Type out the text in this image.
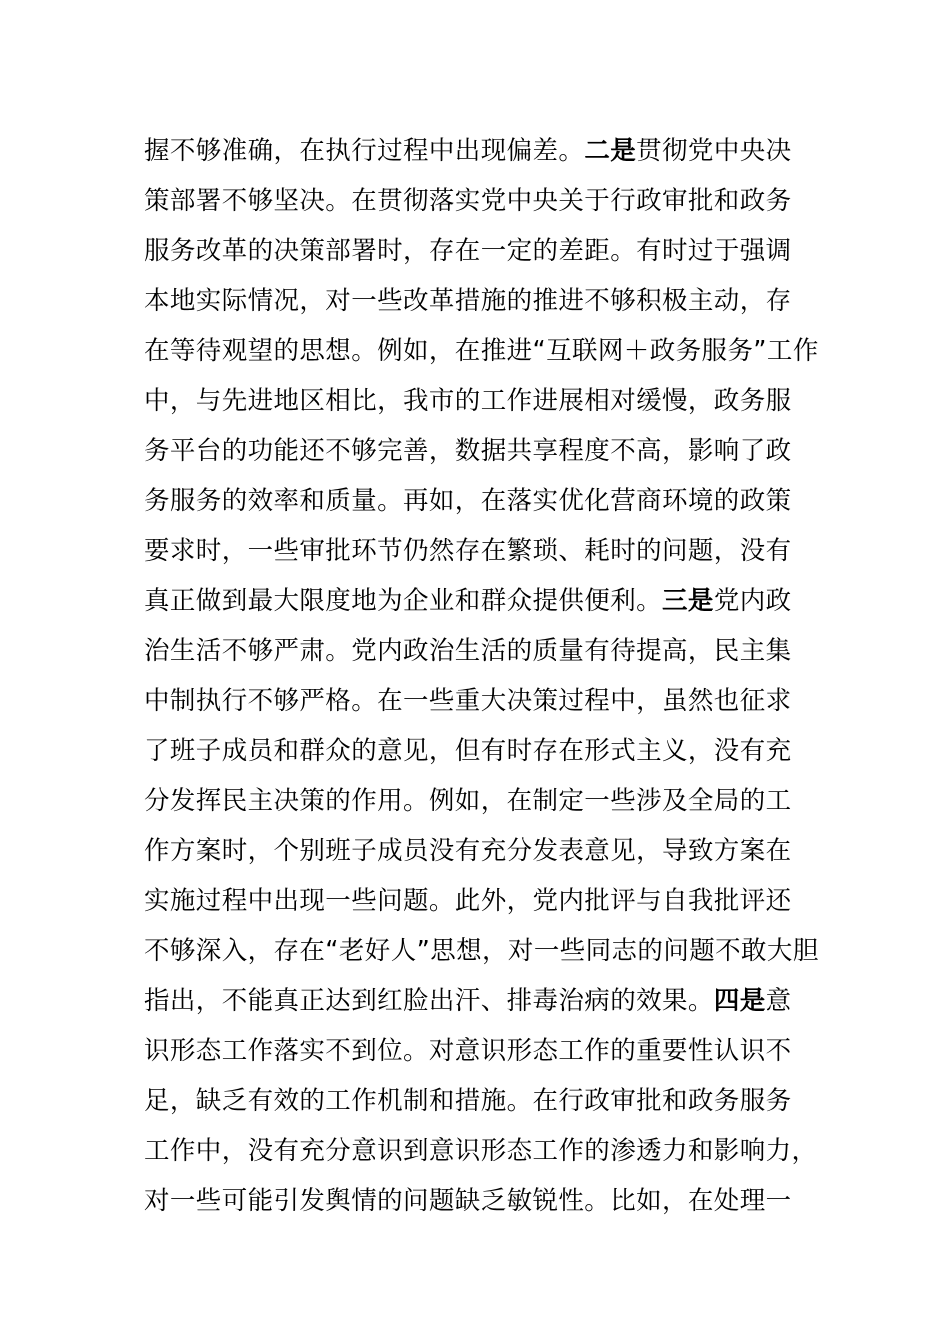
握不够准确，在执行过程中出现偏差。二是贯彻党中央决
策部署不够坚决。在贯彻落实党中央关于行政审批和政务
服务改革的决策部署时，存在一定的差距。有时过于强调
本地实际情况，对一些改革措施的推进不够积极主动，存
在等待观望的思想。例如，在推进“互联网＋政务服务”工作
中，与先进地区相比，我市的工作进展相对缓慢，政务服
务平台的功能还不够完善，数据共享程度不高，影响了政
务服务的效率和质量。再如，在落实优化营商环境的政策
要求时，一些审批环节仍然存在繁琐、耗时的问题，没有
真正做到最大限度地为企业和群众提供便利。三是党内政
治生活不够严肃。党内政治生活的质量有待提高，民主集
中制执行不够严格。在一些重大决策过程中，虽然也征求
了班子成员和群众的意见，但有时存在形式主义，没有充
分发挥民主决策的作用。例如，在制定一些涉及全局的工
作方案时，个别班子成员没有充分发表意见，导致方案在
实施过程中出现一些问题。此外，党内批评与自我批评还
不够深入，存在“老好人”思想，对一些同志的问题不敢大胆
指出，不能真正达到红脸出汗、排毒治病的效果。四是意
识形态工作落实不到位。对意识形态工作的重要性认识不
足，缺乏有效的工作机制和措施。在行政审批和政务服务
工作中，没有充分意识到意识形态工作的渗透力和影响力，
对一些可能引发舆情的问题缺乏敏锐性。比如，在处理一
